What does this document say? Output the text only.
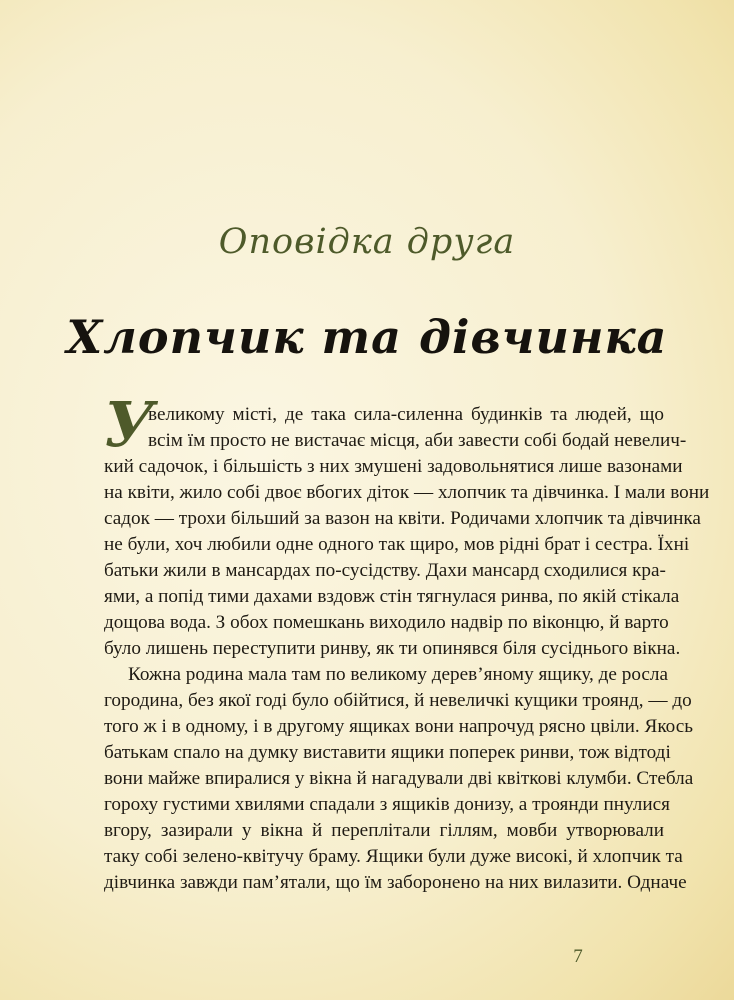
Оповідка друга
Хлопчик та дівчинка
У
великому місті, де така сила-силенна будинків та людей, що
всім їм просто не вистачає місця, аби завести собі бодай невелич-
кий садочок, і більшість з них змушені задовольнятися лише вазонами
на квіти, жило собі двоє вбогих діток — хлопчик та дівчинка. І мали вони
садок — трохи більший за вазон на квіти. Родичами хлопчик та дівчинка
не були, хоч любили одне одного так щиро, мов рідні брат і сестра. Їхні
батьки жили в мансардах по-сусідству. Дахи мансард сходилися кра-
ями, а попід тими дахами вздовж стін тягнулася ринва, по якій стікала
дощова вода. З обох помешкань виходило надвір по віконцю, й варто
було лишень переступити ринву, як ти опинявся біля сусіднього вікна.
Кожна родина мала там по великому дерев’яному ящику, де росла
городина, без якої годі було обійтися, й невеличкі кущики троянд, — до
того ж і в одному, і в другому ящиках вони напрочуд рясно цвіли. Якось
батькам спало на думку виставити ящики поперек ринви, тож відтоді
вони майже впиралися у вікна й нагадували дві квіткові клумби. Стебла
гороху густими хвилями спадали з ящиків донизу, а троянди пнулися
вгору, зазирали у вікна й переплітали гіллям, мовби утворювали
таку собі зелено-квітучу браму. Ящики були дуже високі, й хлопчик та
дівчинка завжди пам’ятали, що їм заборонено на них вилазити. Одначе
7
